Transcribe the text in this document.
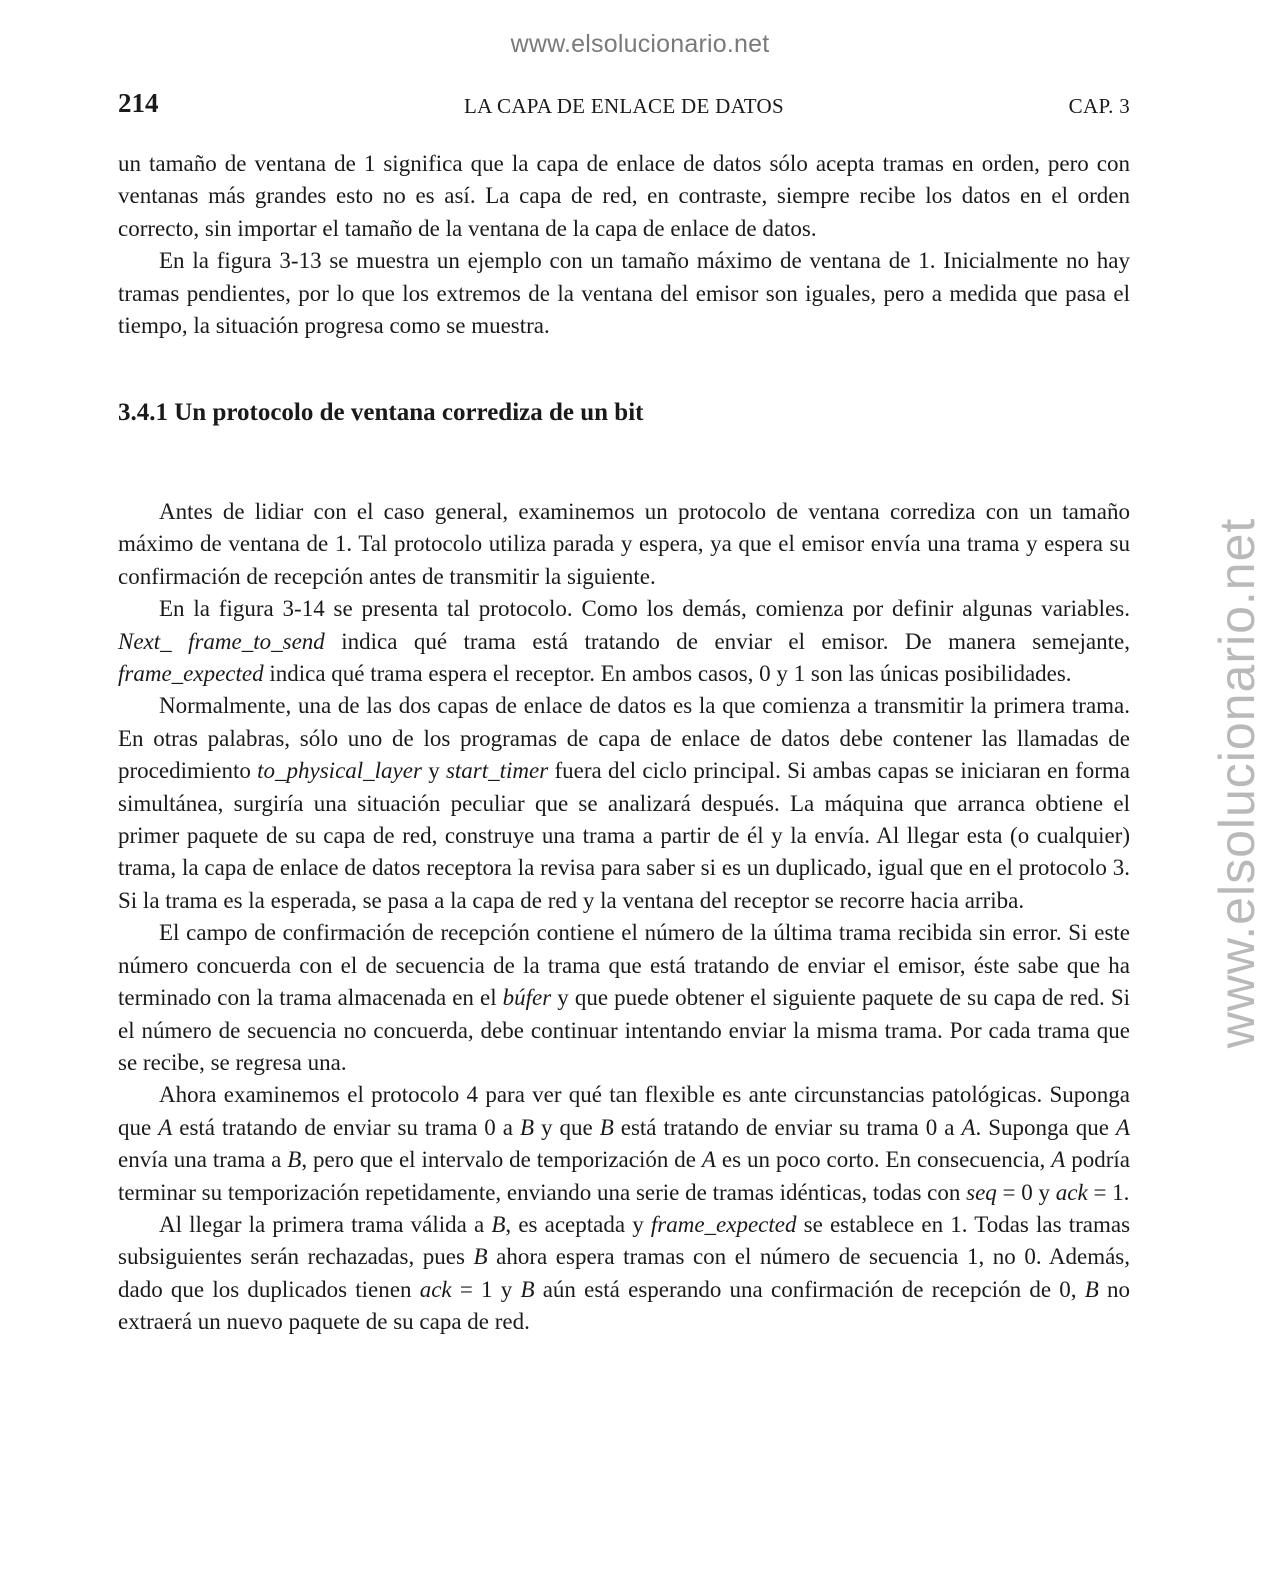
www.elsolucionario.net
www.elsolucionario.net
214	LA CAPA DE ENLACE DE DATOS	CAP. 3

un tamaño de ventana de 1 significa que la capa de enlace de datos sólo acepta tramas en orden, pero con ventanas más grandes esto no es así. La capa de red, en contraste, siempre recibe los datos en el orden correcto, sin importar el tamaño de la ventana de la capa de enlace de datos.

En la figura 3-13 se muestra un ejemplo con un tamaño máximo de ventana de 1. Inicialmente no hay tramas pendientes, por lo que los extremos de la ventana del emisor son iguales, pero a medida que pasa el tiempo, la situación progresa como se muestra.

3.4.1 Un protocolo de ventana corrediza de un bit

Antes de lidiar con el caso general, examinemos un protocolo de ventana corrediza con un tamaño máximo de ventana de 1. Tal protocolo utiliza parada y espera, ya que el emisor envía una trama y espera su confirmación de recepción antes de transmitir la siguiente.

En la figura 3-14 se presenta tal protocolo. Como los demás, comienza por definir algunas variables. Next_ frame_to_send indica qué trama está tratando de enviar el emisor. De manera semejante, frame_expected indica qué trama espera el receptor. En ambos casos, 0 y 1 son las únicas posibilidades.

Normalmente, una de las dos capas de enlace de datos es la que comienza a transmitir la primera trama. En otras palabras, sólo uno de los programas de capa de enlace de datos debe contener las llamadas de procedimiento to_physical_layer y start_timer fuera del ciclo principal. Si ambas capas se iniciaran en forma simultánea, surgiría una situación peculiar que se analizará después. La máquina que arranca obtiene el primer paquete de su capa de red, construye una trama a partir de él y la envía. Al llegar esta (o cualquier) trama, la capa de enlace de datos receptora la revisa para saber si es un duplicado, igual que en el protocolo 3. Si la trama es la esperada, se pasa a la capa de red y la ventana del receptor se recorre hacia arriba.

El campo de confirmación de recepción contiene el número de la última trama recibida sin error. Si este número concuerda con el de secuencia de la trama que está tratando de enviar el emisor, éste sabe que ha terminado con la trama almacenada en el búfer y que puede obtener el siguiente paquete de su capa de red. Si el número de secuencia no concuerda, debe continuar intentando enviar la misma trama. Por cada trama que se recibe, se regresa una.

Ahora examinemos el protocolo 4 para ver qué tan flexible es ante circunstancias patológicas. Suponga que A está tratando de enviar su trama 0 a B y que B está tratando de enviar su trama 0 a A. Suponga que A envía una trama a B, pero que el intervalo de temporización de A es un poco corto. En consecuencia, A podría terminar su temporización repetidamente, enviando una serie de tramas idénticas, todas con seq = 0 y ack = 1.

Al llegar la primera trama válida a B, es aceptada y frame_expected se establece en 1. Todas las tramas subsiguientes serán rechazadas, pues B ahora espera tramas con el número de secuencia 1, no 0. Además, dado que los duplicados tienen ack = 1 y B aún está esperando una confirmación de recepción de 0, B no extraerá un nuevo paquete de su capa de red.
